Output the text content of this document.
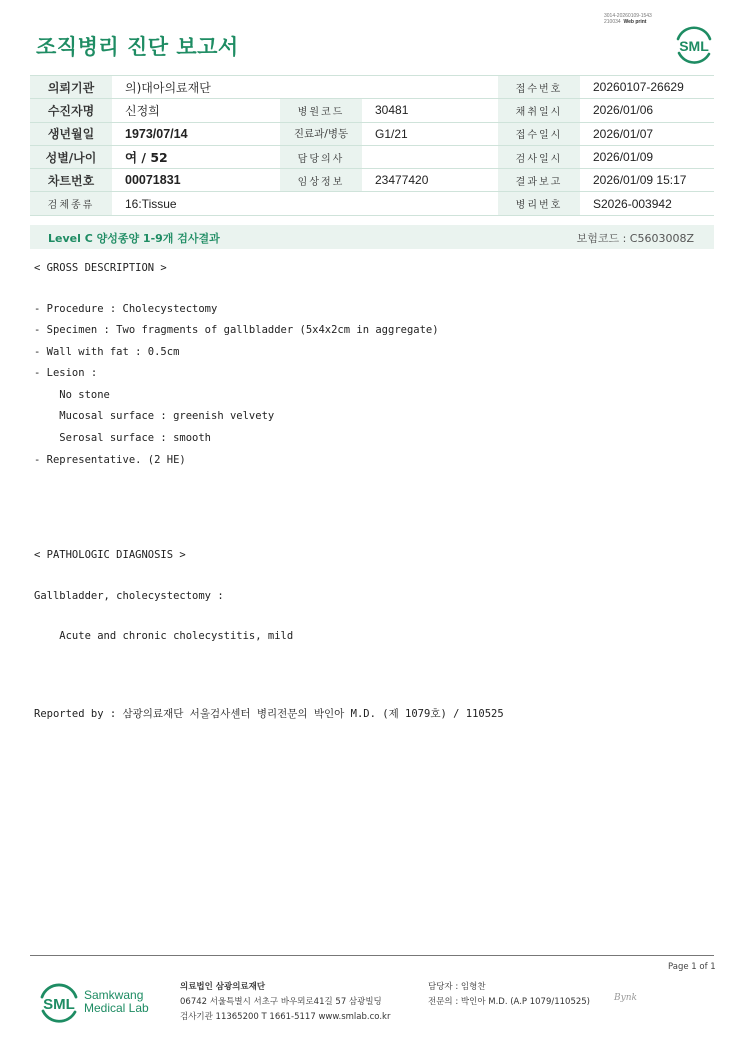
3014-20260109-1543
210034 Web print
조직병리 진단 보고서	SML
의뢰기관	의)대아의료재단			접수번호	20260107-26629
수진자명	신정희	병원코드	30481	채취일시	2026/01/06
생년월일	1973/07/14	진료과/병동	G1/21	접수일시	2026/01/07
성별/나이	여 / 52	담당의사		검사일시	2026/01/09
차트번호	00071831	임상정보	23477420	결과보고	2026/01/09 15:17
검체종류	16:Tissue			병리번호	S2026-003942
Level C 양성종양 1-9개 검사결과	보험코드 : C5603008Z
< GROSS DESCRIPTION >
- Procedure : Cholecystectomy
- Specimen : Two fragments of gallbladder (5x4x2cm in aggregate)
- Wall with fat : 0.5cm
- Lesion :
No stone
Mucosal surface : greenish velvety
Serosal surface : smooth
- Representative. (2 HE)
< PATHOLOGIC DIAGNOSIS >
Gallbladder, cholecystectomy :
Acute and chronic cholecystitis, mild
Reported by : 삼광의료재단 서울검사센터 병리전문의 박인아 M.D. (제 1079호) / 110525
Page 1 of 1
SML
Samkwang
Medical Lab
의료법인 삼광의료재단
06742 서울특별시 서초구 바우뫼로41길 57 삼광빌딩
검사기관 11365200 T 1661-5117 www.smlab.co.kr
담당자 : 임형찬
전문의 : 박인아 M.D. (A.P 1079/110525)	Bynk
